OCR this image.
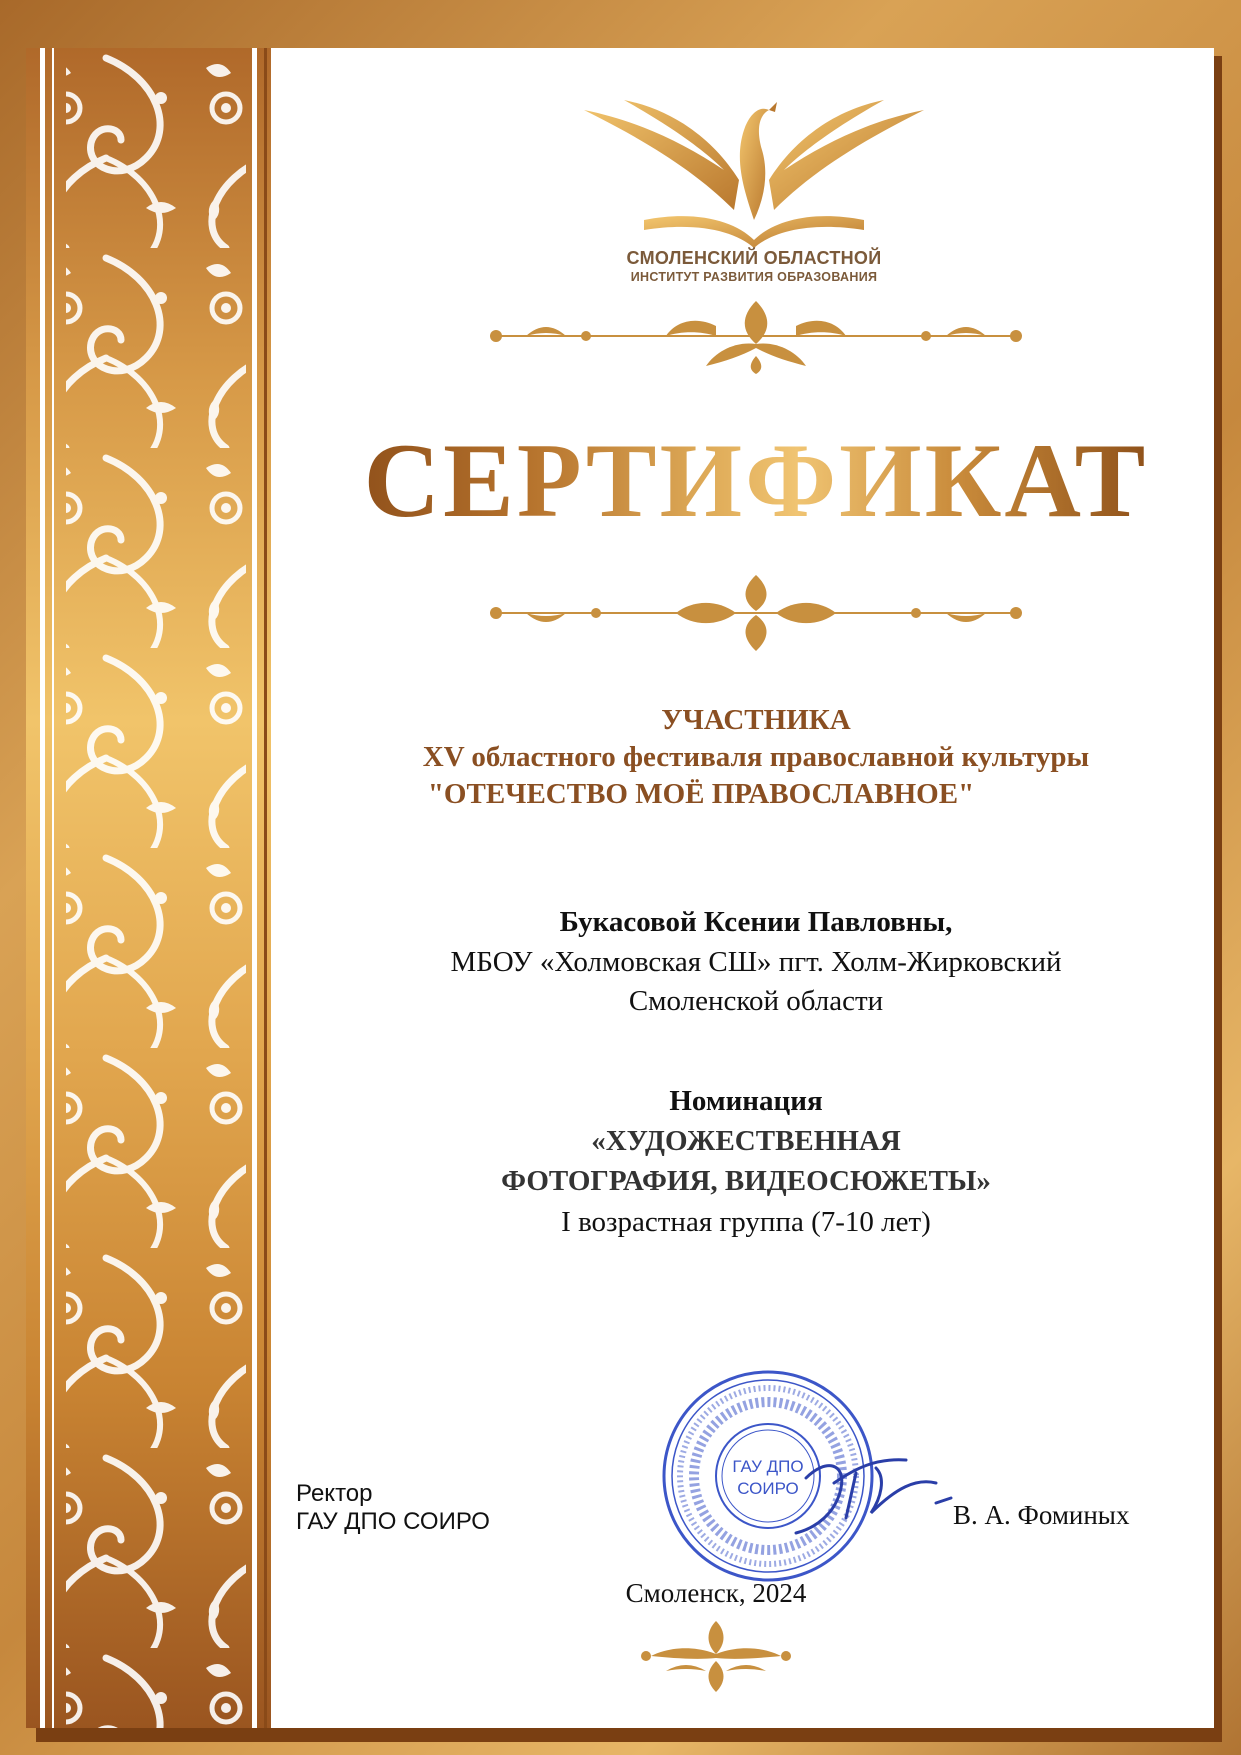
СМОЛЕНСКИЙ ОБЛАСТНОЙ
ИНСТИТУТ РАЗВИТИЯ ОБРАЗОВАНИЯ
СЕРТИФИКАТ
УЧАСТНИКА
XV областного фестиваля православной культуры
"ОТЕЧЕСТВО МОЁ ПРАВОСЛАВНОЕ"
Букасовой Ксении Павловны,
МБОУ «Холмовская СШ» пгт. Холм-Жирковский
Смоленской области
Номинация
«ХУДОЖЕСТВЕННАЯ
ФОТОГРАФИЯ, ВИДЕОСЮЖЕТЫ»
I возрастная группа (7-10 лет)
ГАУ ДПО
СОИРО
Ректор
ГАУ ДПО СОИРО	В. А. Фоминых
Смоленск, 2024
